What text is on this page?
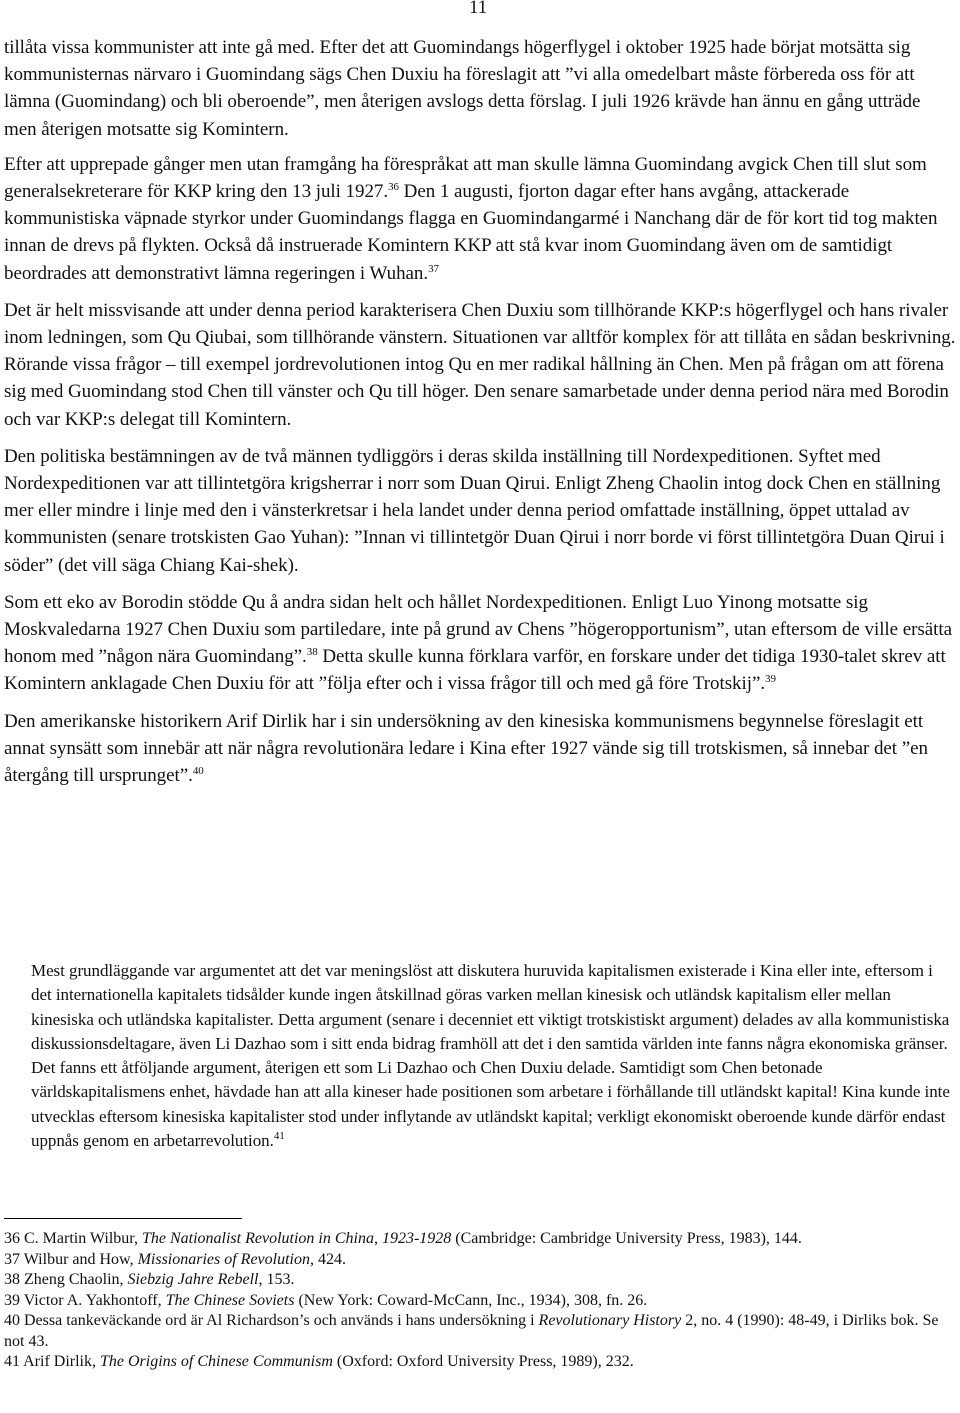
11

tillåta vissa kommunister att inte gå med. Efter det att Guomindangs högerflygel i oktober 1925 hade börjat motsätta sig kommunisternas närvaro i Guomindang sägs Chen Duxiu ha föreslagit att ”vi alla omedelbart måste förbereda oss för att lämna (Guomindang) och bli oberoende”, men återigen avslogs detta förslag. I juli 1926 krävde han ännu en gång utträde men återigen motsatte sig Komintern.

Efter att upprepade gånger men utan framgång ha förespråkat att man skulle lämna Guomindang avgick Chen till slut som generalsekreterare för KKP kring den 13 juli 1927.36 Den 1 augusti, fjorton dagar efter hans avgång, attackerade kommunistiska väpnade styrkor under Guomindangs flagga en Guomindangarmé i Nanchang där de för kort tid tog makten innan de drevs på flykten. Också då instruerade Komintern KKP att stå kvar inom Guomindang även om de samtidigt beordrades att demonstrativt lämna regeringen i Wuhan.$^{37}$

Det är helt missvisande att under denna period karakterisera Chen Duxiu som tillhörande KKP:s högerflygel och hans rivaler inom ledningen, som Qu Qiubai, som tillhörande vänstern. Situationen var alltför komplex för att tillåta en sådan beskrivning. Rörande vissa frågor – till exempel jordrevolutionen intog Qu en mer radikal hållning än Chen. Men på frågan om att förena sig med Guomindang stod Chen till vänster och Qu till höger. Den senare samarbetade under denna period nära med Borodin och var KKP:s delegat till Komintern.

Den politiska bestämningen av de två männen tydliggörs i deras skilda inställning till Nordexpeditionen. Syftet med Nordexpeditionen var att tillintetgöra krigsherrar i norr som Duan Qirui. Enligt Zheng Chaolin intog dock Chen en ställning mer eller mindre i linje med den i vänsterkretsar i hela landet under denna period omfattade inställning, öppet uttalad av kommunisten (senare trotskisten Gao Yuhan): ”Innan vi tillintetgör Duan Qirui i norr borde vi först tillintetgöra Duan Qirui i söder” (det vill säga Chiang Kai-shek).

Som ett eko av Borodin stödde Qu å andra sidan helt och hållet Nordexpeditionen. Enligt Luo Yinong motsatte sig Moskvaledarna 1927 Chen Duxiu som partiledare, inte på grund av Chens ”högeropportunism”, utan eftersom de ville ersätta honom med ”någon nära Guomindang”.$^{38}$ Detta skulle kunna förklara varför, en forskare under det tidiga 1930-talet skrev att Komintern anklagade Chen Duxiu för att ”följa efter och i vissa frågor till och med gå före Trotskij”.$^{39}$

Den amerikanske historikern Arif Dirlik har i sin undersökning av den kinesiska kommunismens begynnelse föreslagit ett annat synsätt som innebär att när några revolutionära ledare i Kina efter 1927 vände sig till trotskismen, så innebar det ”en återgång till ursprunget”.$^{40}$

Mest grundläggande var argumentet att det var meningslöst att diskutera huruvida kapitalismen existerade i Kina eller inte, eftersom i det internationella kapitalets tidsålder kunde ingen åtskillnad göras varken mellan kinesisk och utländsk kapitalism eller mellan kinesiska och utländska kapitalister. Detta argument (senare i decenniet ett viktigt trotskistiskt argument) delades av alla kommunistiska diskussionsdeltagare, även Li Dazhao som i sitt enda bidrag framhöll att det i den samtida världen inte fanns några ekonomiska gränser. Det fanns ett åtföljande argument, återigen ett som Li Dazhao och Chen Duxiu delade. Samtidigt som Chen betonade världskapitalismens enhet, hävdade han att alla kineser hade positionen som arbetare i förhållande till utländskt kapital! Kina kunde inte utvecklas eftersom kinesiska kapitalister stod under inflytande av utländskt kapital; verkligt ekonomiskt oberoende kunde därför endast uppnås genom en arbetarrevolution.$^{41}$

36 C. Martin Wilbur, The Nationalist Revolution in China, 1923-1928 (Cambridge: Cambridge University Press, 1983), 144.

37 Wilbur and How, Missionaries of Revolution, 424.

38 Zheng Chaolin, Siebzig Jahre Rebell, 153.

39 Victor A. Yakhontoff, The Chinese Soviets (New York: Coward-McCann, Inc., 1934), 308, fn. 26.

40 Dessa tankeväckande ord är Al Richardson’s och används i hans undersökning i Revolutionary History 2, no. 4 (1990): 48-49, i Dirliks bok. Se not 43.

41 Arif Dirlik, The Origins of Chinese Communism (Oxford: Oxford University Press, 1989), 232.
